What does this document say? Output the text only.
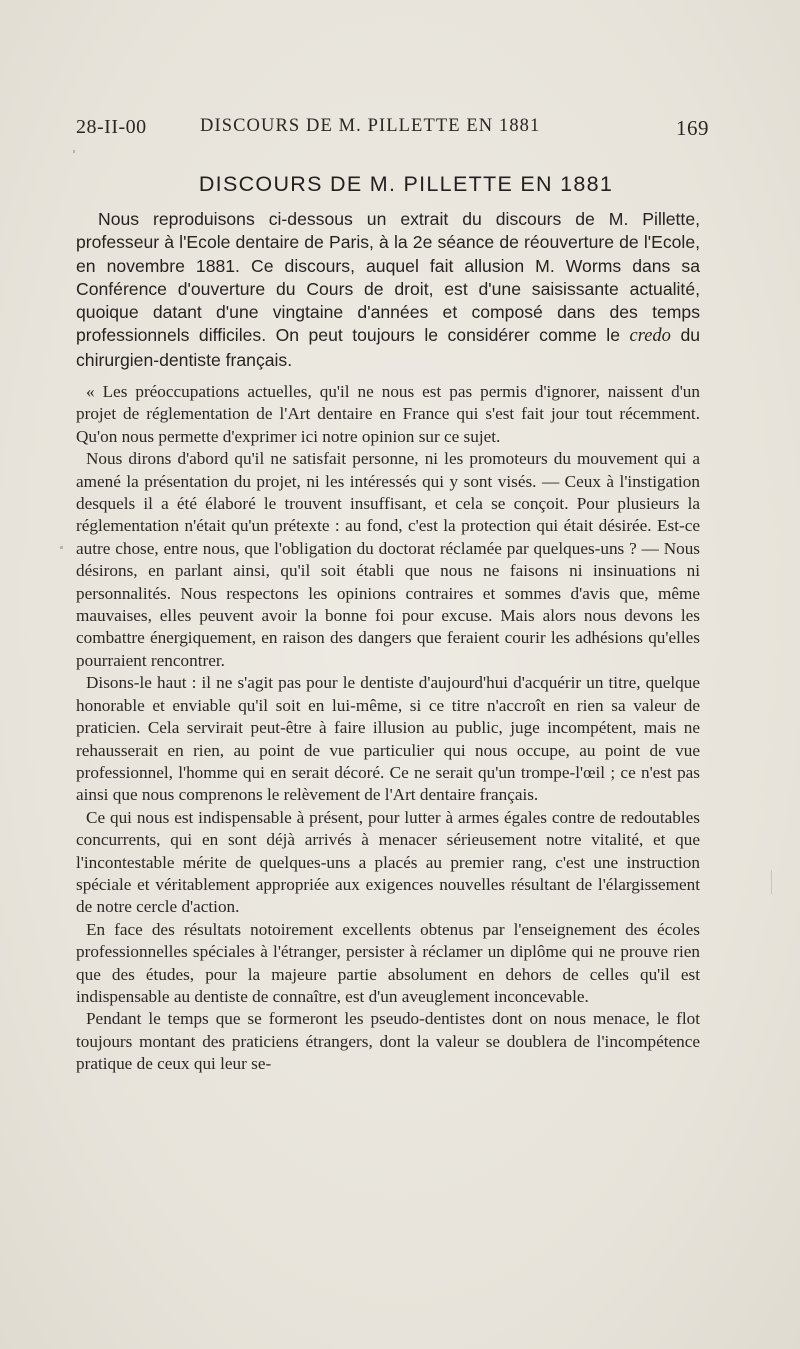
28-II-00	DISCOURS DE M. PILLETTE EN 1881	169
DISCOURS DE M. PILLETTE EN 1881

Nous reproduisons ci-dessous un extrait du discours de M. Pillette, professeur à l'Ecole dentaire de Paris, à la 2e séance de réouverture de l'Ecole, en novembre 1881. Ce discours, auquel fait allusion M. Worms dans sa Conférence d'ouverture du Cours de droit, est d'une saisissante actualité, quoique datant d'une vingtaine d'années et composé dans des temps professionnels difficiles. On peut toujours le considérer comme le credo du chirurgien-dentiste français.

« Les préoccupations actuelles, qu'il ne nous est pas permis d'ignorer, naissent d'un projet de réglementation de l'Art dentaire en France qui s'est fait jour tout récemment. Qu'on nous permette d'exprimer ici notre opinion sur ce sujet.

Nous dirons d'abord qu'il ne satisfait personne, ni les promoteurs du mouvement qui a amené la présentation du projet, ni les intéressés qui y sont visés. — Ceux à l'instigation desquels il a été élaboré le trouvent insuffisant, et cela se conçoit. Pour plusieurs la réglementation n'était qu'un prétexte : au fond, c'est la protection qui était désirée. Est-ce autre chose, entre nous, que l'obligation du doctorat réclamée par quelques-uns ? — Nous désirons, en parlant ainsi, qu'il soit établi que nous ne faisons ni insinuations ni personnalités. Nous respectons les opinions contraires et sommes d'avis que, même mauvaises, elles peuvent avoir la bonne foi pour excuse. Mais alors nous devons les combattre énergiquement, en raison des dangers que feraient courir les adhésions qu'elles pourraient rencontrer.

Disons-le haut : il ne s'agit pas pour le dentiste d'aujourd'hui d'acquérir un titre, quelque honorable et enviable qu'il soit en lui-même, si ce titre n'accroît en rien sa valeur de praticien. Cela servirait peut-être à faire illusion au public, juge incompétent, mais ne rehausserait en rien, au point de vue particulier qui nous occupe, au point de vue professionnel, l'homme qui en serait décoré. Ce ne serait qu'un trompe-l'œil ; ce n'est pas ainsi que nous comprenons le relèvement de l'Art dentaire français.

Ce qui nous est indispensable à présent, pour lutter à armes égales contre de redoutables concurrents, qui en sont déjà arrivés à menacer sérieusement notre vitalité, et que l'incontestable mérite de quelques-uns a placés au premier rang, c'est une instruction spéciale et véritablement appropriée aux exigences nouvelles résultant de l'élargissement de notre cercle d'action.

En face des résultats notoirement excellents obtenus par l'enseignement des écoles professionnelles spéciales à l'étranger, persister à réclamer un diplôme qui ne prouve rien que des études, pour la majeure partie absolument en dehors de celles qu'il est indispensable au dentiste de connaître, est d'un aveuglement inconcevable.

Pendant le temps que se formeront les pseudo-dentistes dont on nous menace, le flot toujours montant des praticiens étrangers, dont la valeur se doublera de l'incompétence pratique de ceux qui leur se-
